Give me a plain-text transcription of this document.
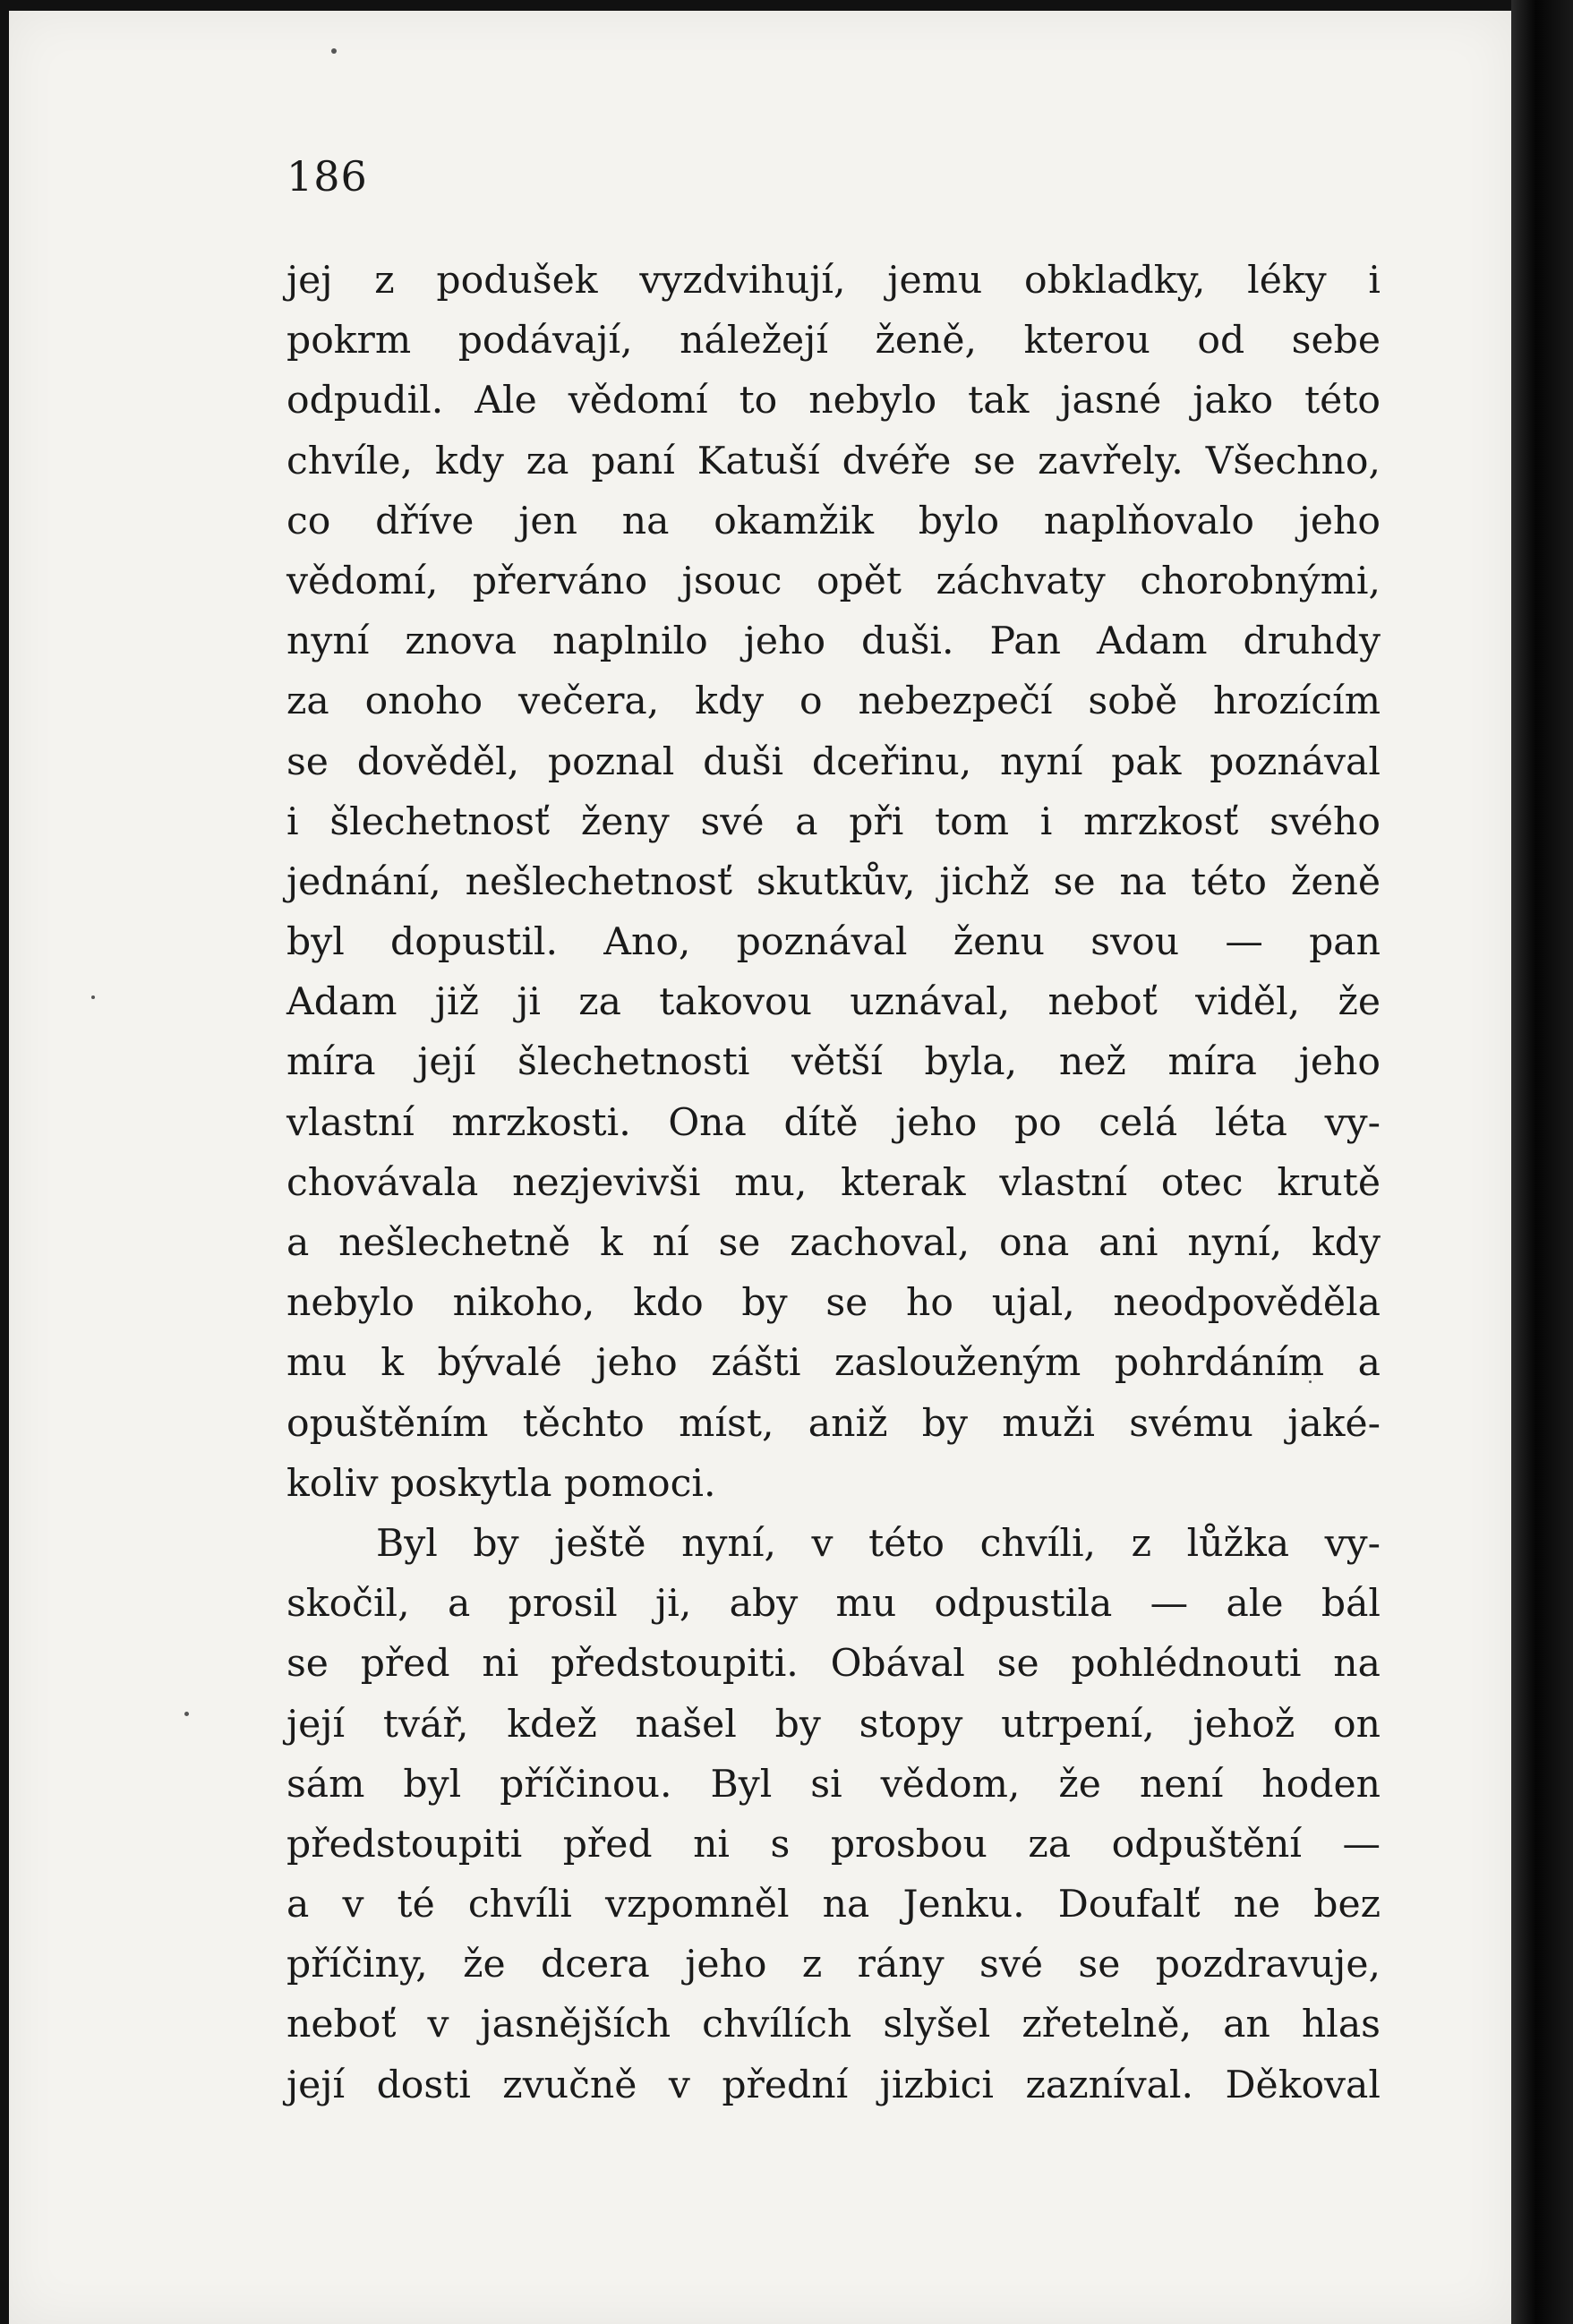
186
jej z podušek vyzdvihují, jemu obkladky, léky i
pokrm podávají, náležejí ženě, kterou od sebe
odpudil. Ale vědomí to nebylo tak jasné jako této
chvíle, kdy za paní Katuší dvéře se zavřely. Všechno,
co dříve jen na okamžik bylo naplňovalo jeho
vědomí, přerváno jsouc opět záchvaty chorobnými,
nyní znova naplnilo jeho duši. Pan Adam druhdy
za onoho večera, kdy o nebezpečí sobě hrozícím
se dověděl, poznal duši dceřinu, nyní pak poznával
i šlechetnosť ženy své a při tom i mrzkosť svého
jednání, nešlechetnosť skutkův, jichž se na této ženě
byl dopustil. Ano, poznával ženu svou — pan
Adam již ji za takovou uznával, neboť viděl, že
míra její šlechetnosti větší byla, než míra jeho
vlastní mrzkosti. Ona dítě jeho po celá léta vy-
chovávala nezjevivši mu, kterak vlastní otec krutě
a nešlechetně k ní se zachoval, ona ani nyní, kdy
nebylo nikoho, kdo by se ho ujal, neodpověděla
mu k bývalé jeho zášti zaslouženým pohrdáním a
opuštěním těchto míst, aniž by muži svému jaké-
koliv poskytla pomoci.
Byl by ještě nyní, v této chvíli, z lůžka vy-
skočil, a prosil ji, aby mu odpustila — ale bál
se před ni předstoupiti. Obával se pohlédnouti na
její tvář, kdež našel by stopy utrpení, jehož on
sám byl příčinou. Byl si vědom, že není hoden
předstoupiti před ni s prosbou za odpuštění —
a v té chvíli vzpomněl na Jenku. Doufalť ne bez
příčiny, že dcera jeho z rány své se pozdravuje,
neboť v jasnějších chvílích slyšel zřetelně, an hlas
její dosti zvučně v přední jizbici zazníval. Děkoval
